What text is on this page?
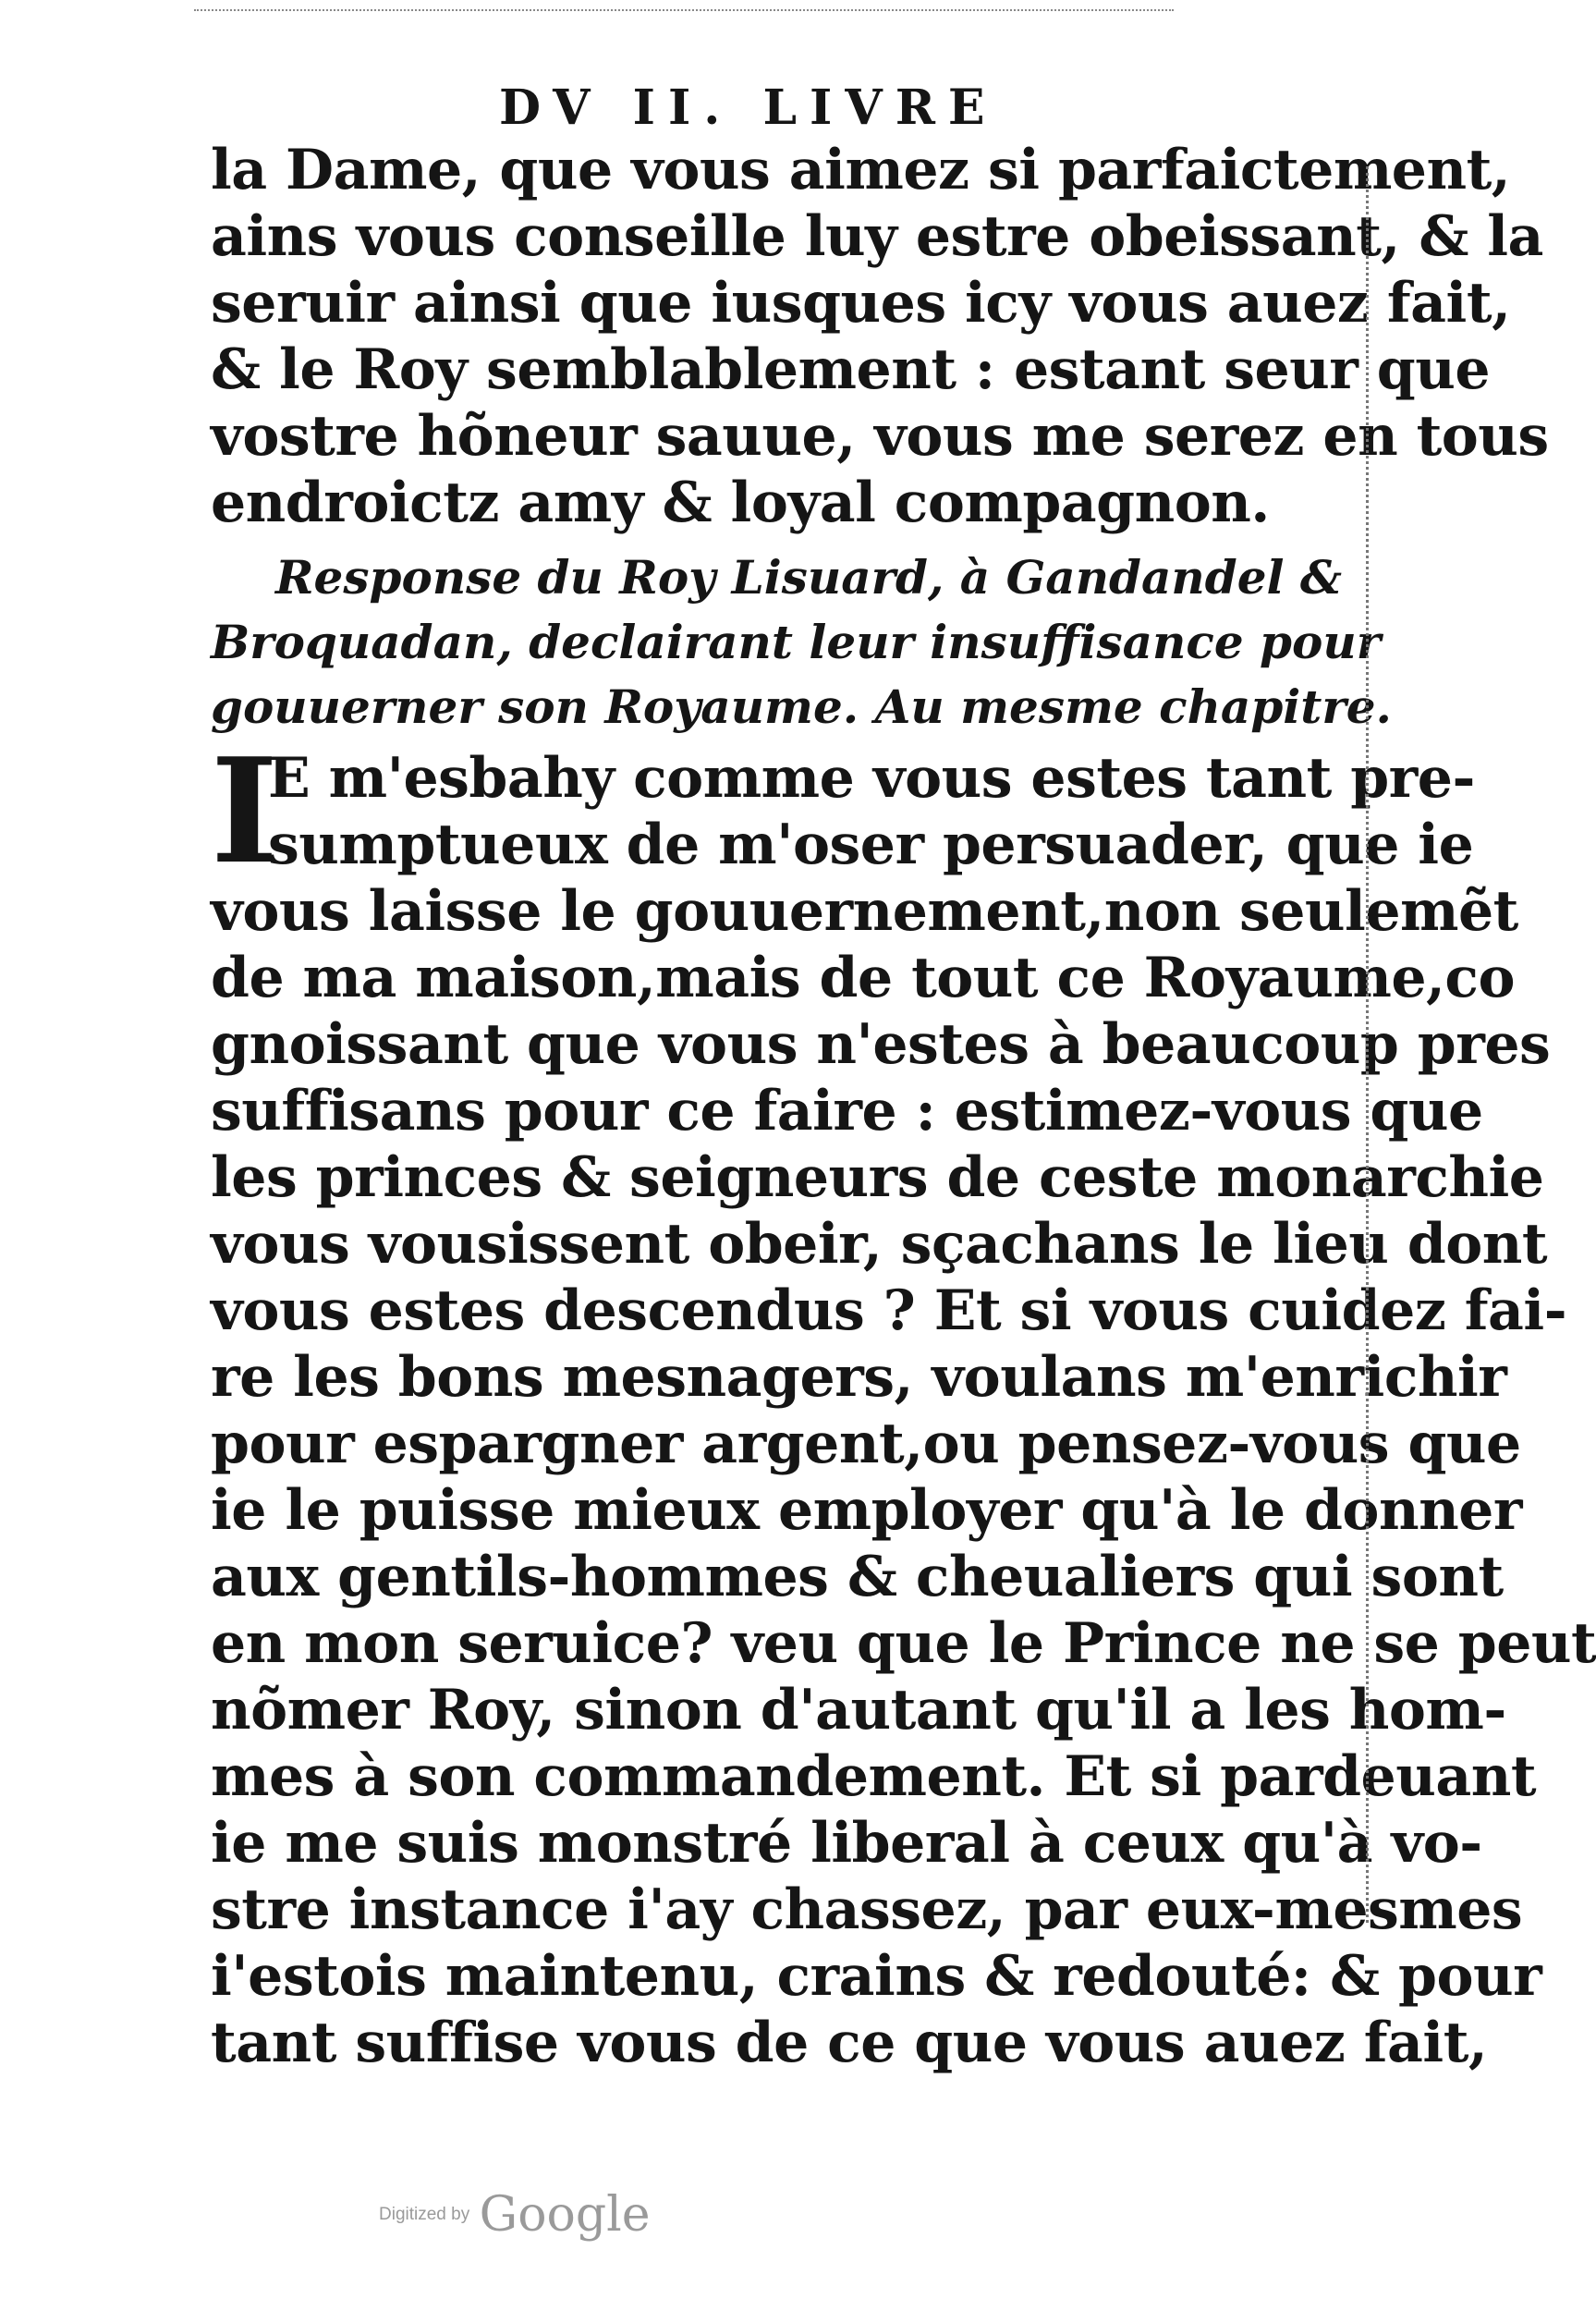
DV II. LIVRE
la Dame, que vous aimez si parfaictement,
ains vous conseille luy estre obeissant, & la
seruir ainsi que iusques icy vous auez fait,
& le Roy semblablement : estant seur que
vostre hõneur sauue, vous me serez en tous
endroictz amy & loyal compagnon.
Response du Roy Lisuard, à Gandandel &
Broquadan, declairant leur insuffisance pour
gouuerner son Royaume. Au mesme chapitre.
I
E m'esbahy comme vous estes tant pre-
sumptueux de m'oser persuader, que ie
vous laisse le gouuernement,non seulemẽt
de ma maison,mais de tout ce Royaume,co
gnoissant que vous n'estes à beaucoup pres
suffisans pour ce faire : estimez-vous que
les princes & seigneurs de ceste monarchie
vous vousissent obeir, sçachans le lieu dont
vous estes descendus ? Et si vous cuidez fai-
re les bons mesnagers, voulans m'enrichir
pour espargner argent,ou pensez-vous que
ie le puisse mieux employer qu'à le donner
aux gentils-hommes & cheualiers qui sont
en mon seruice? veu que le Prince ne se peut
nõmer Roy, sinon d'autant qu'il a les hom-
mes à son commandement. Et si pardeuant
ie me suis monstré liberal à ceux qu'à vo-
stre instance i'ay chassez, par eux-mesmes
i'estois maintenu, crains & redouté: & pour
tant suffise vous de ce que vous auez fait,
Digitized by Google
